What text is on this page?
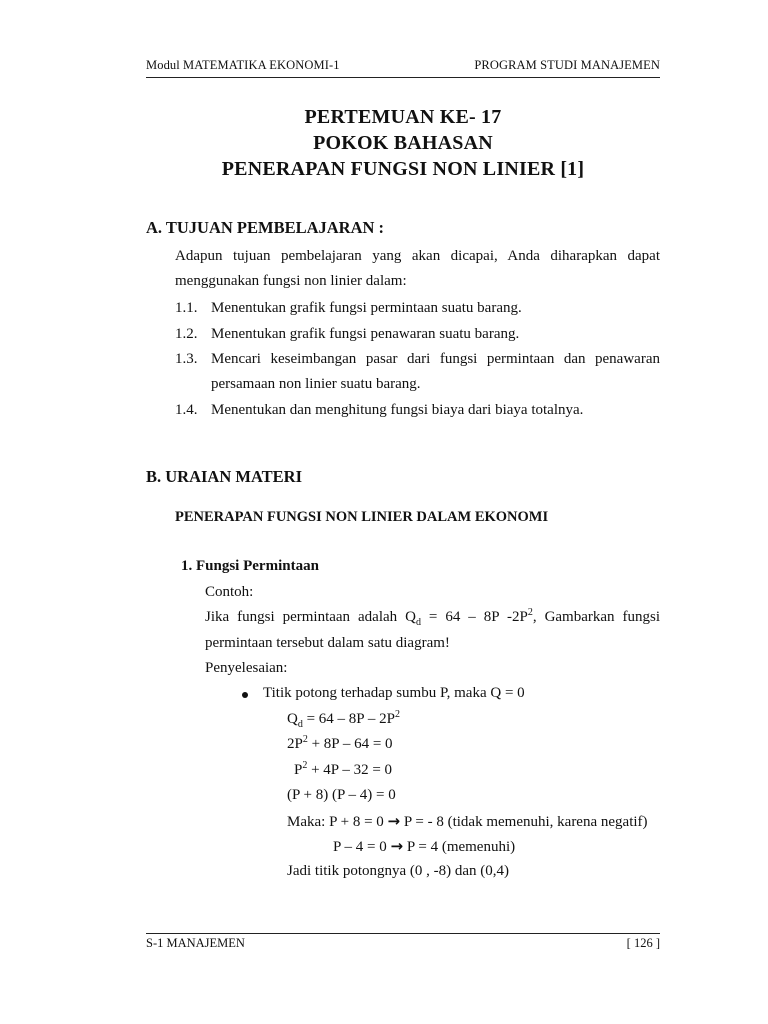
Modul MATEMATIKA EKONOMI-1	PROGRAM STUDI MANAJEMEN
PERTEMUAN KE- 17
POKOK BAHASAN
PENERAPAN FUNGSI NON LINIER [1]
A. TUJUAN PEMBELAJARAN :
Adapun tujuan pembelajaran yang akan dicapai, Anda diharapkan dapat
menggunakan fungsi non linier dalam:
1.1. Menentukan grafik fungsi permintaan suatu barang.
1.2. Menentukan grafik fungsi penawaran suatu barang.
1.3. Mencari keseimbangan pasar dari fungsi permintaan dan penawaran
persamaan non linier suatu barang.
1.4. Menentukan dan menghitung fungsi biaya dari biaya totalnya.
B. URAIAN MATERI
PENERAPAN FUNGSI NON LINIER DALAM EKONOMI
1. Fungsi Permintaan
Contoh:
Jika fungsi permintaan adalah $Q_d = 64 - 8P$ $-2P^2$, Gambarkan fungsi
permintaan tersebut dalam satu diagram!
Penyelesaian:
Titik potong terhadap sumbu P, maka Q = 0
$Q_d = 64 - 8P - 2P^2$
$2P^2 + 8P - 64 = 0$
$P^2 + 4P - 32 = 0$
(P + 8) (P – 4) = 0
Maka: P + 8 = 0 → P = - 8 (tidak memenuhi, karena negatif)
P – 4 = 0 → P = 4 (memenuhi)
Jadi titik potongnya (0 , -8) dan (0,4)
S-1 MANAJEMEN	[ 126 ]
